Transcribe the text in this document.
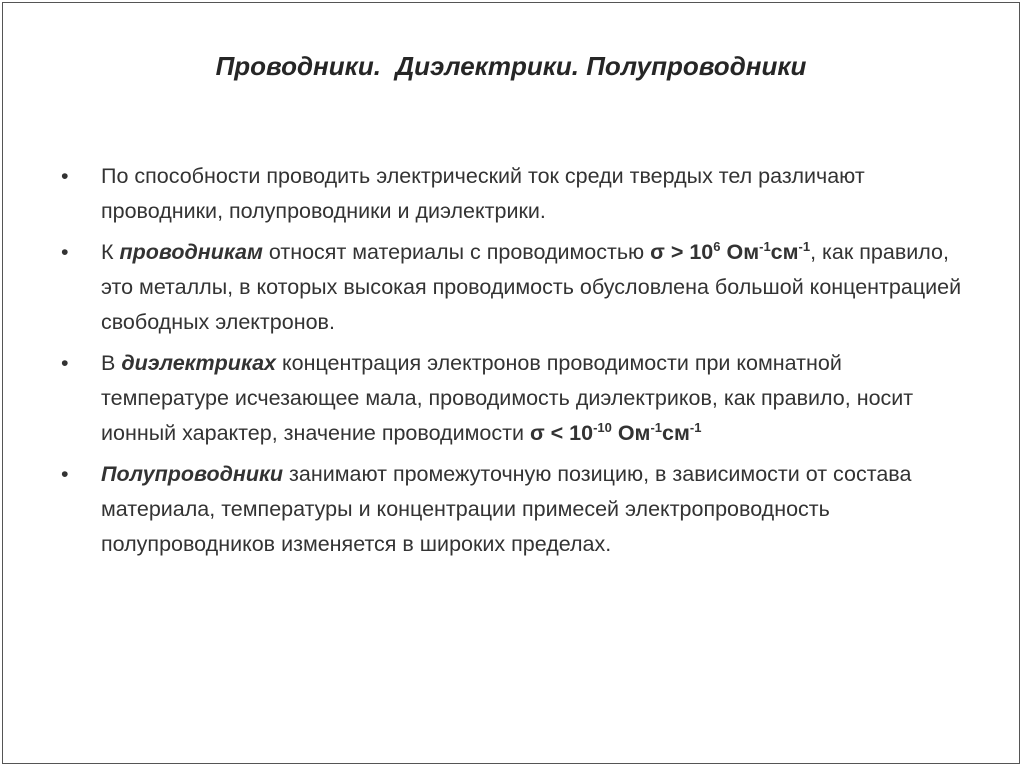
Проводники.  Диэлектрики. Полупроводники
•	По способности проводить электрический ток среди твердых тел различают проводники, полупроводники и диэлектрики.
•	К проводникам относят материалы с проводимостью $\sigma > 10^6$ $Ом^{-1}см^{-1}$, как правило, это металлы, в которых высокая проводимость обусловлена большой концентрацией свободных электронов.
•	В диэлектриках концентрация электронов проводимости при комнатной температуре исчезающее мала, проводимость диэлектриков, как правило, носит ионный характер, значение проводимости $\sigma < 10^{-10}$ $Ом^{-1}см^{-1}$
•	Полупроводники занимают промежуточную позицию, в зависимости от состава материала, температуры и концентрации примесей электропроводность полупроводников изменяется в широких пределах.
